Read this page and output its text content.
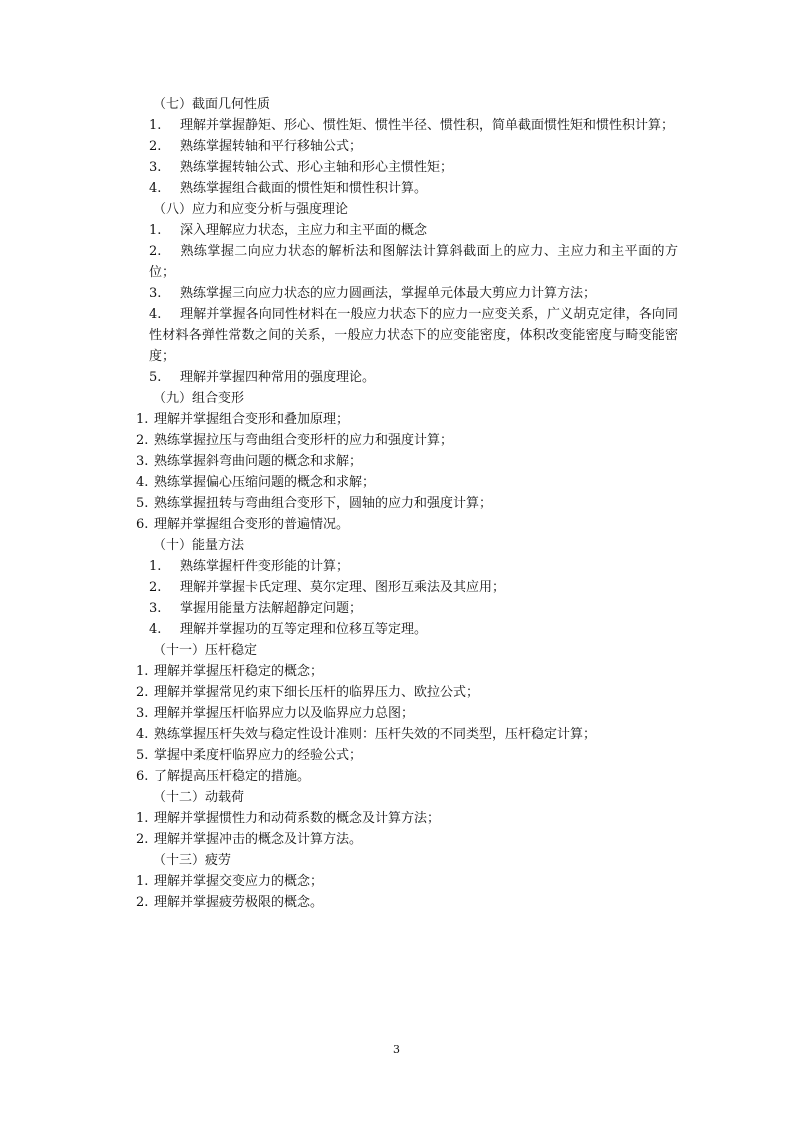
（七）截面几何性质
1. 理解并掌握静矩、形心、惯性矩、惯性半径、惯性积，简单截面惯性矩和惯性积计算；
2. 熟练掌握转轴和平行移轴公式；
3. 熟练掌握转轴公式、形心主轴和形心主惯性矩；
4. 熟练掌握组合截面的惯性矩和惯性积计算。
（八）应力和应变分析与强度理论
1. 深入理解应力状态，主应力和主平面的概念
2. 熟练掌握二向应力状态的解析法和图解法计算斜截面上的应力、主应力和主平面的方位；
3. 熟练掌握三向应力状态的应力圆画法，掌握单元体最大剪应力计算方法；
4. 理解并掌握各向同性材料在一般应力状态下的应力一应变关系，广义胡克定律，各向同性材料各弹性常数之间的关系，一般应力状态下的应变能密度，体积改变能密度与畸变能密度；
5. 理解并掌握四种常用的强度理论。
（九）组合变形
1. 理解并掌握组合变形和叠加原理；
2. 熟练掌握拉压与弯曲组合变形杆的应力和强度计算；
3. 熟练掌握斜弯曲问题的概念和求解；
4. 熟练掌握偏心压缩问题的概念和求解；
5. 熟练掌握扭转与弯曲组合变形下，圆轴的应力和强度计算；
6. 理解并掌握组合变形的普遍情况。
（十）能量方法
1. 熟练掌握杆件变形能的计算；
2. 理解并掌握卡氏定理、莫尔定理、图形互乘法及其应用；
3. 掌握用能量方法解超静定问题；
4. 理解并掌握功的互等定理和位移互等定理。
（十一）压杆稳定
1. 理解并掌握压杆稳定的概念；
2. 理解并掌握常见约束下细长压杆的临界压力、欧拉公式；
3. 理解并掌握压杆临界应力以及临界应力总图；
4. 熟练掌握压杆失效与稳定性设计准则：压杆失效的不同类型，压杆稳定计算；
5. 掌握中柔度杆临界应力的经验公式；
6. 了解提高压杆稳定的措施。
（十二）动载荷
1. 理解并掌握惯性力和动荷系数的概念及计算方法；
2. 理解并掌握冲击的概念及计算方法。
（十三）疲劳
1. 理解并掌握交变应力的概念；
2. 理解并掌握疲劳极限的概念。
3
